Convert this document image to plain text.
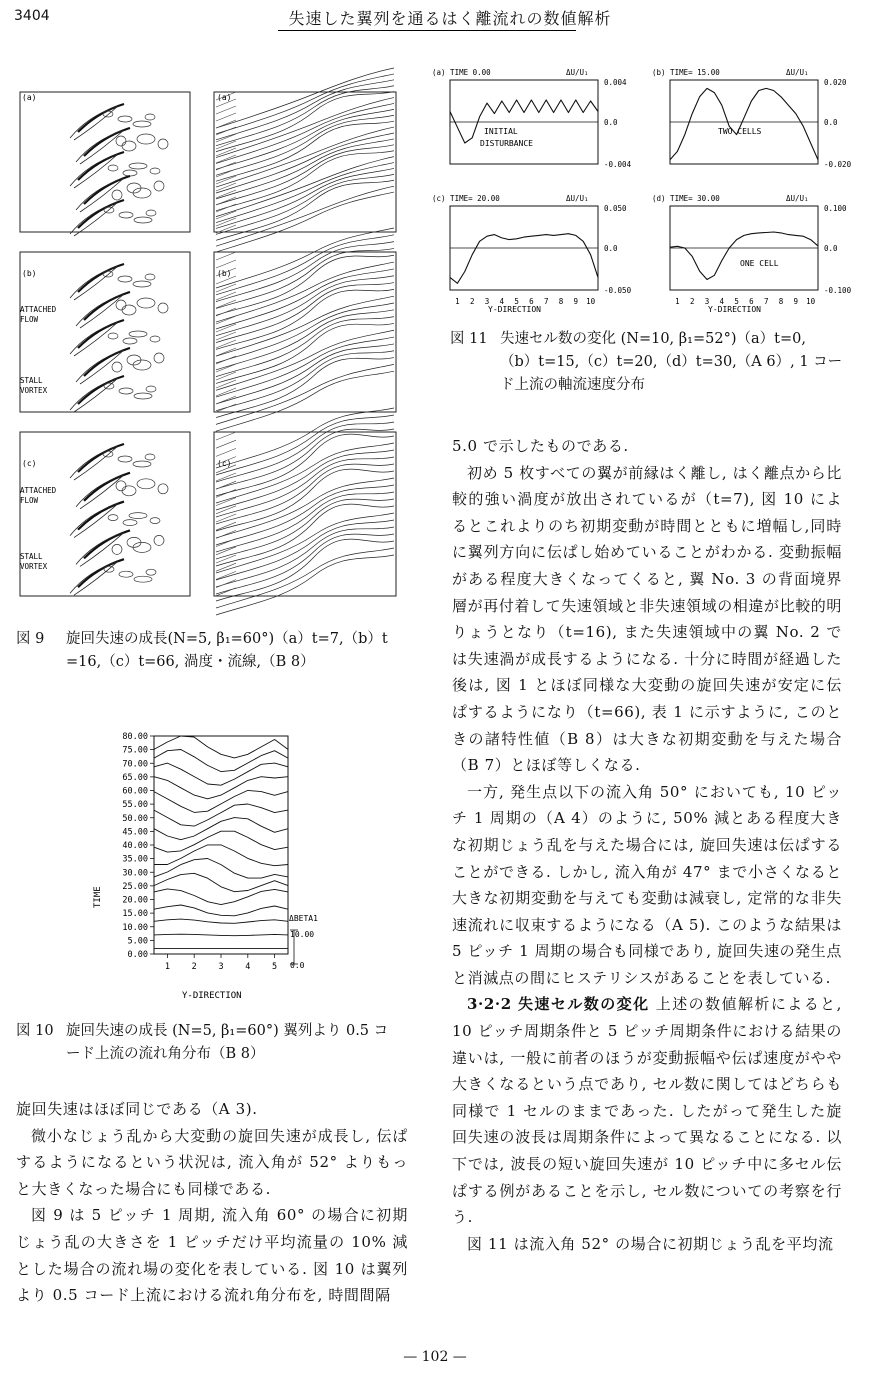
3404	失速した翼列を通るはく離流れの数値解析
(a)
(b)
(c)
(a)
(b)
(c)
ATTACHED
FLOW
STALL
VORTEX
ATTACHED
FLOW
STALL
VORTEX
図 9 旋回失速の成長(N=5, β₁=60°)（a）t=7,（b）t
=16,（c）t=66, 渦度・流線,（B 8）
0.00
5.00
10.00
15.00
20.00
25.00
30.00
35.00
40.00
45.00
50.00
55.00
60.00
65.00
70.00
75.00
80.00
1	2	3	4	5
TIME
Y-DIRECTION
ΔBETA1
10.00
0.0
図 10 旋回失速の成長 (N=5, β₁=60°) 翼列より 0.5 コ
ード上流の流れ角分布（B 8）

旋回失速はほぼ同じである（A 3).

微小なじょう乱から大変動の旋回失速が成長し, 伝ぱするようになるという状況は, 流入角が 52° よりもっと大きくなった場合にも同様である.

図 9 は 5 ピッチ 1 周期, 流入角 60° の場合に初期じょう乱の大きさを 1 ピッチだけ平均流量の 10% 減とした場合の流れ場の変化を表している. 図 10 は翼列より 0.5 コード上流における流れ角分布を, 時間間隔

(a) TIME 0.00	ΔU/U₁
0.004
0.0
-0.004
INITIAL
DISTURBANCE
(b) TIME= 15.00	ΔU/U₁
0.020
0.0
-0.020
TWO CELLS
(c) TIME= 20.00	ΔU/U₁
0.050
0.0
-0.050
1 2 3 4 5 6 7 8 9 10
(d) TIME= 30.00	ΔU/U₁
0.100
0.0
-0.100
ONE CELL
1 2 3 4 5 6 7 8 9 10
Y-DIRECTION	Y-DIRECTION
図 11 失速セル数の変化 (N=10, β₁=52°)（a）t=0,
（b）t=15,（c）t=20,（d）t=30,（A 6）, 1 コー
ド上流の軸流速度分布

5.0 で示したものである.

初め 5 枚すべての翼が前縁はく離し, はく離点から比較的強い渦度が放出されているが（t=7), 図 10 によるとこれよりのち初期変動が時間とともに増幅し,同時に翼列方向に伝ぱし始めていることがわかる. 変動振幅がある程度大きくなってくると, 翼 No. 3 の背面境界層が再付着して失速領域と非失速領域の相違が比較的明りょうとなり（t=16), また失速領域中の翼 No. 2 では失速渦が成長するようになる. 十分に時間が経過した後は, 図 1 とほぼ同様な大変動の旋回失速が安定に伝ぱするようになり（t=66), 表 1 に示すように, このときの諸特性値（B 8）は大きな初期変動を与えた場合（B 7）とほぼ等しくなる.

一方, 発生点以下の流入角 50° においても, 10 ピッチ 1 周期の（A 4）のように, 50% 減とある程度大きな初期じょう乱を与えた場合には, 旋回失速は伝ぱすることができる. しかし, 流入角が 47° まで小さくなると大きな初期変動を与えても変動は減衰し, 定常的な非失速流れに収束するようになる（A 5). このような結果は 5 ピッチ 1 周期の場合も同様であり, 旋回失速の発生点と消滅点の間にヒステリシスがあることを表している.

3·2·2 失速セル数の変化 上述の数値解析によると, 10 ピッチ周期条件と 5 ピッチ周期条件における結果の違いは, 一般に前者のほうが変動振幅や伝ぱ速度がやや大きくなるという点であり, セル数に関してはどちらも同様で 1 セルのままであった. したがって発生した旋回失速の波長は周期条件によって異なることになる. 以下では, 波長の短い旋回失速が 10 ピッチ中に多セル伝ぱする例があることを示し, セル数についての考察を行う.

図 11 は流入角 52° の場合に初期じょう乱を平均流

— 102 —
